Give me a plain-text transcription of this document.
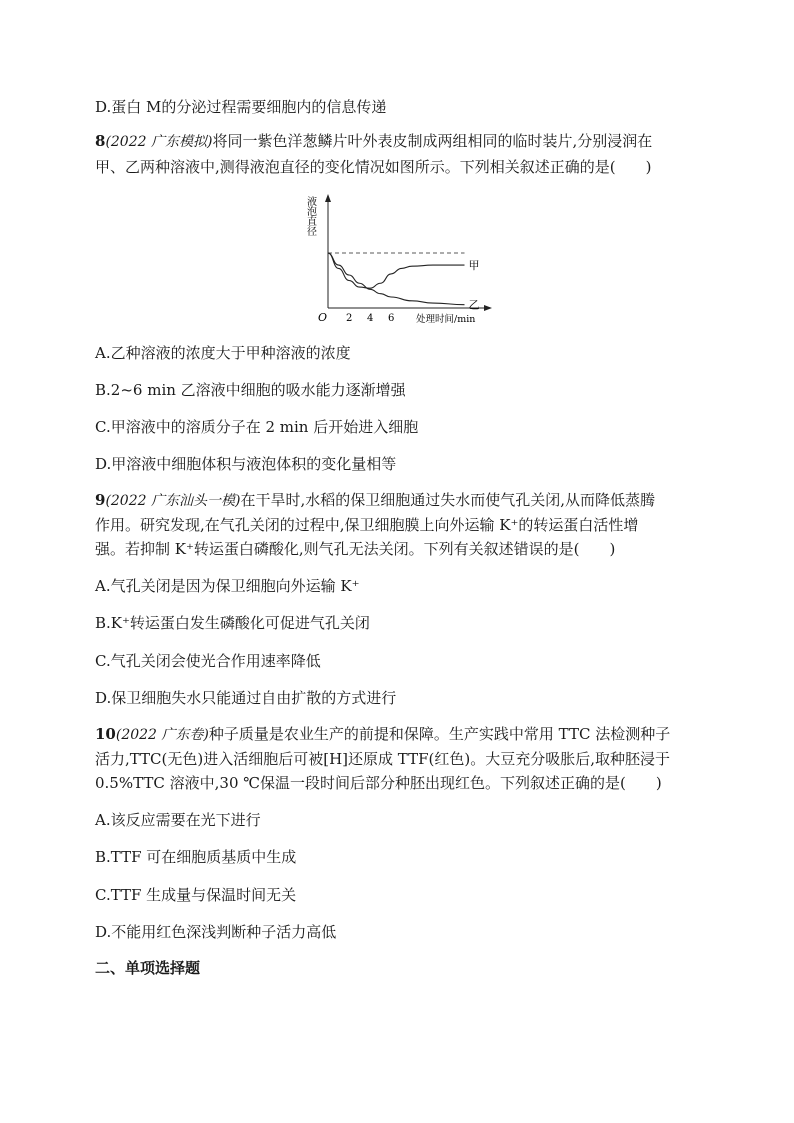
D.蛋白 M的分泌过程需要细胞内的信息传递
8(2022 广东模拟)将同一紫色洋葱鳞片叶外表皮制成两组相同的临时装片,分别浸润在
甲、乙两种溶液中,测得液泡直径的变化情况如图所示。下列相关叙述正确的是(　　)
液泡直径
O	处理时间/min
2 4 6
甲
乙
A.乙种溶液的浓度大于甲种溶液的浓度
B.2~6 min 乙溶液中细胞的吸水能力逐渐增强
C.甲溶液中的溶质分子在 2 min 后开始进入细胞
D.甲溶液中细胞体积与液泡体积的变化量相等
9(2022 广东汕头一模)在干旱时,水稻的保卫细胞通过失水而使气孔关闭,从而降低蒸腾
作用。研究发现,在气孔关闭的过程中,保卫细胞膜上向外运输 K⁺的转运蛋白活性增
强。若抑制 K⁺转运蛋白磷酸化,则气孔无法关闭。下列有关叙述错误的是(　　)
A.气孔关闭是因为保卫细胞向外运输 K⁺
B.K⁺转运蛋白发生磷酸化可促进气孔关闭
C.气孔关闭会使光合作用速率降低
D.保卫细胞失水只能通过自由扩散的方式进行
10(2022 广东卷)种子质量是农业生产的前提和保障。生产实践中常用 TTC 法检测种子
活力,TTC(无色)进入活细胞后可被[H]还原成 TTF(红色)。大豆充分吸胀后,取种胚浸于
0.5%TTC 溶液中,30 ℃保温一段时间后部分种胚出现红色。下列叙述正确的是(　　)
A.该反应需要在光下进行
B.TTF 可在细胞质基质中生成
C.TTF 生成量与保温时间无关
D.不能用红色深浅判断种子活力高低
二、单项选择题
